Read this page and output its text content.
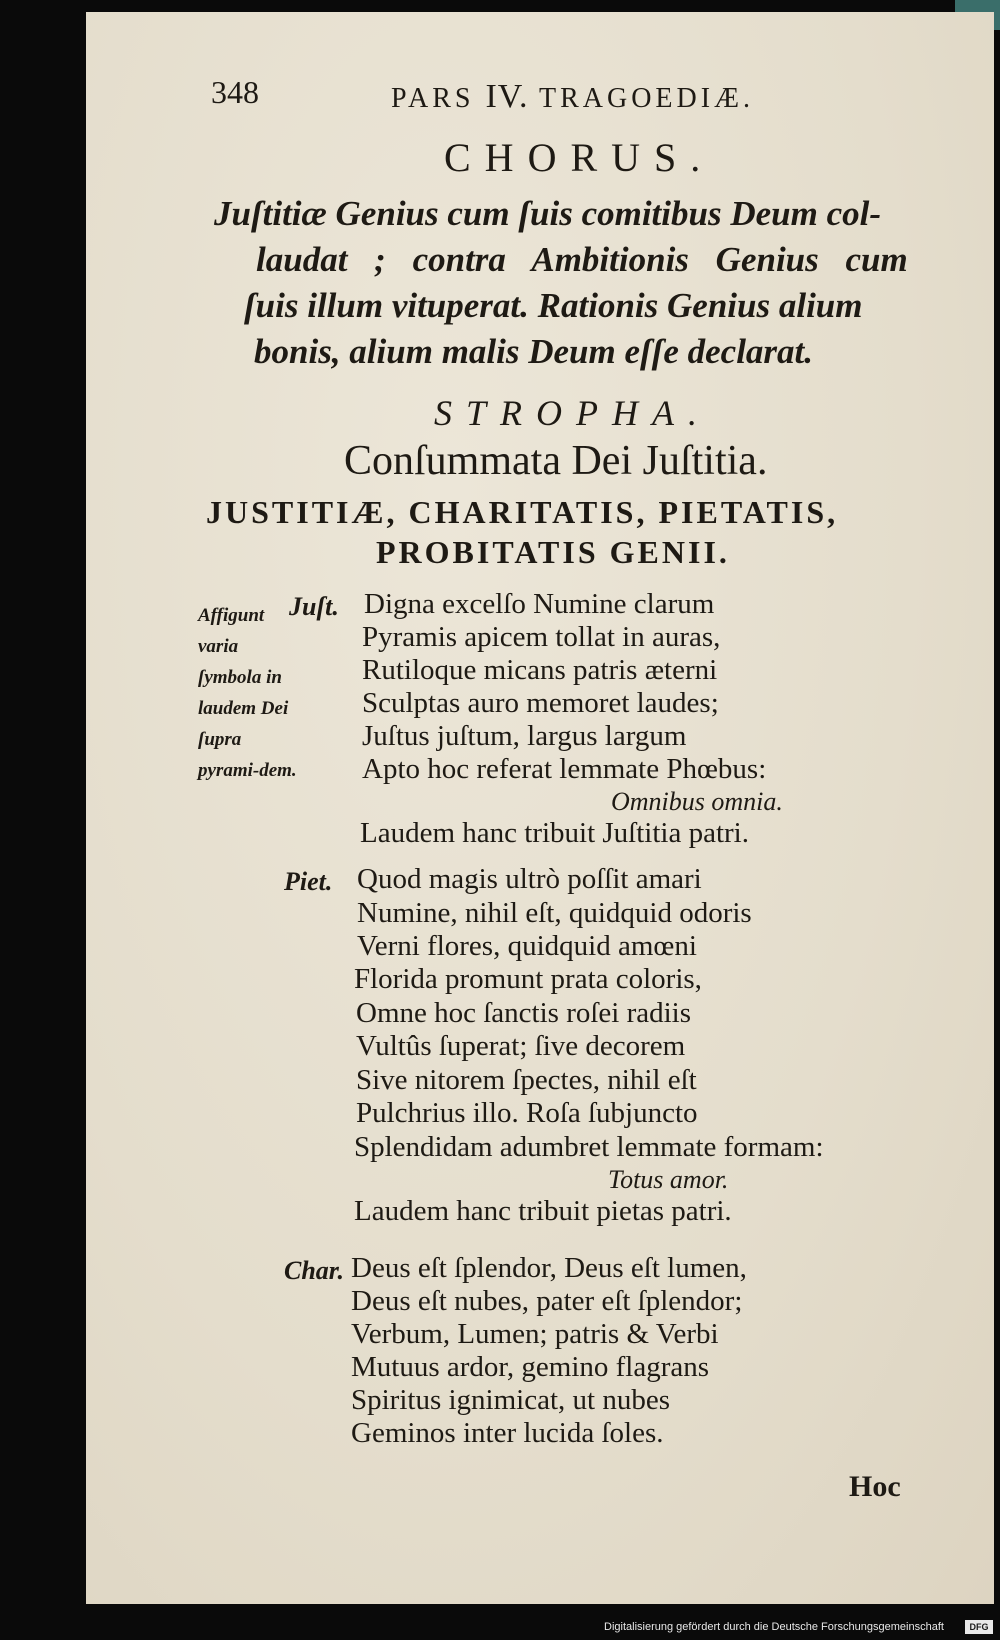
348	PARS IV. TRAGOEDIÆ.
CHORUS.
Juſtitiæ Genius cum ſuis comitibus Deum col-
laudat ; contra Ambitionis Genius cum
ſuis illum vituperat. Rationis Genius alium
bonis, alium malis Deum eſſe declarat.
STROPHA.
Conſummata Dei Juſtitia.
JUSTITIÆ, CHARITATIS, PIETATIS,
PROBITATIS GENII.
Affigunt varia ſymbola in laudem Dei ſupra pyrami-dem.
Juſt. Digna excelſo Numine clarum
Pyramis apicem tollat in auras,
Rutiloque micans patris æterni
Sculptas auro memoret laudes;
Juſtus juſtum, largus largum
Apto hoc referat lemmate Phœbus:
Omnibus omnia.
Laudem hanc tribuit Juſtitia patri.
Piet. Quod magis ultrò poſſit amari
Numine, nihil eſt, quidquid odoris
Verni flores, quidquid amœni
Florida promunt prata coloris,
Omne hoc ſanctis roſei radiis
Vultûs ſuperat; ſive decorem
Sive nitorem ſpectes, nihil eſt
Pulchrius illo. Roſa ſubjuncto
Splendidam adumbret lemmate formam:
Totus amor.
Laudem hanc tribuit pietas patri.
Char. Deus eſt ſplendor, Deus eſt lumen,
Deus eſt nubes, pater eſt ſplendor;
Verbum, Lumen; patris & Verbi
Mutuus ardor, gemino flagrans
Spiritus ignimicat, ut nubes
Geminos inter lucida ſoles.
Hoc
Digitalisierung gefördert durch die Deutsche Forschungsgemeinschaft	DFG
